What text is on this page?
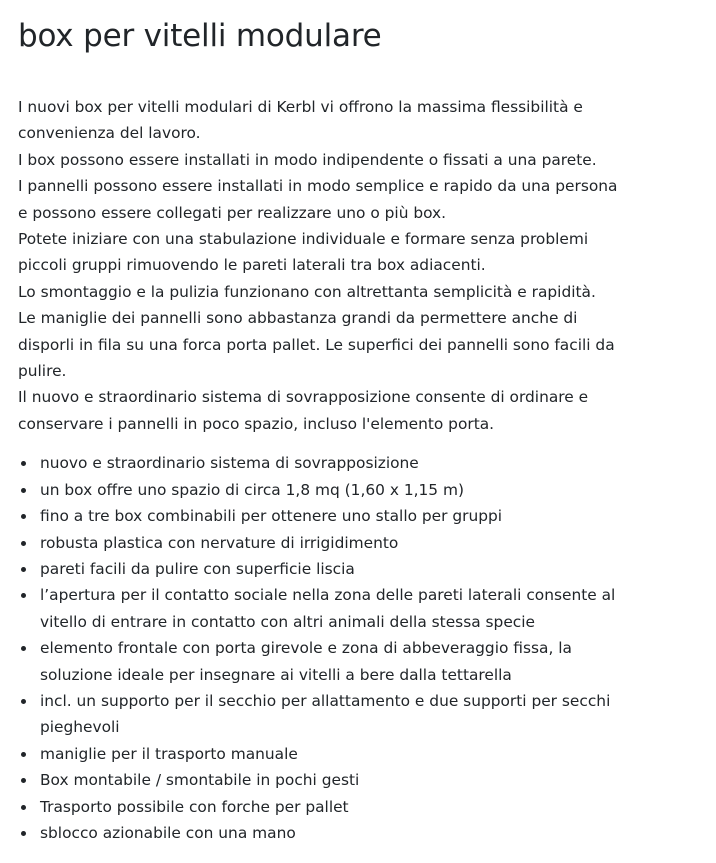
box per vitelli modulare

I nuovi box per vitelli modulari di Kerbl vi offrono la massima flessibilità e convenienza del lavoro.

I box possono essere installati in modo indipendente o fissati a una parete.

I pannelli possono essere installati in modo semplice e rapido da una persona e possono essere collegati per realizzare uno o più box.

Potete iniziare con una stabulazione individuale e formare senza problemi piccoli gruppi rimuovendo le pareti laterali tra box adiacenti.

Lo smontaggio e la pulizia funzionano con altrettanta semplicità e rapidità. Le maniglie dei pannelli sono abbastanza grandi da permettere anche di disporli in fila su una forca porta pallet. Le superfici dei pannelli sono facili da pulire.

Il nuovo e straordinario sistema di sovrapposizione consente di ordinare e conservare i pannelli in poco spazio, incluso l'elemento porta.

nuovo e straordinario sistema di sovrapposizione
un box offre uno spazio di circa 1,8 mq (1,60 x 1,15 m)
fino a tre box combinabili per ottenere uno stallo per gruppi
robusta plastica con nervature di irrigidimento
pareti facili da pulire con superficie liscia
l’apertura per il contatto sociale nella zona delle pareti laterali consente al vitello di entrare in contatto con altri animali della stessa specie
elemento frontale con porta girevole e zona di abbeveraggio fissa, la soluzione ideale per insegnare ai vitelli a bere dalla tettarella
incl. un supporto per il secchio per allattamento e due supporti per secchi pieghevoli
maniglie per il trasporto manuale
Box montabile / smontabile in pochi gesti
Trasporto possibile con forche per pallet
sblocco azionabile con una mano
